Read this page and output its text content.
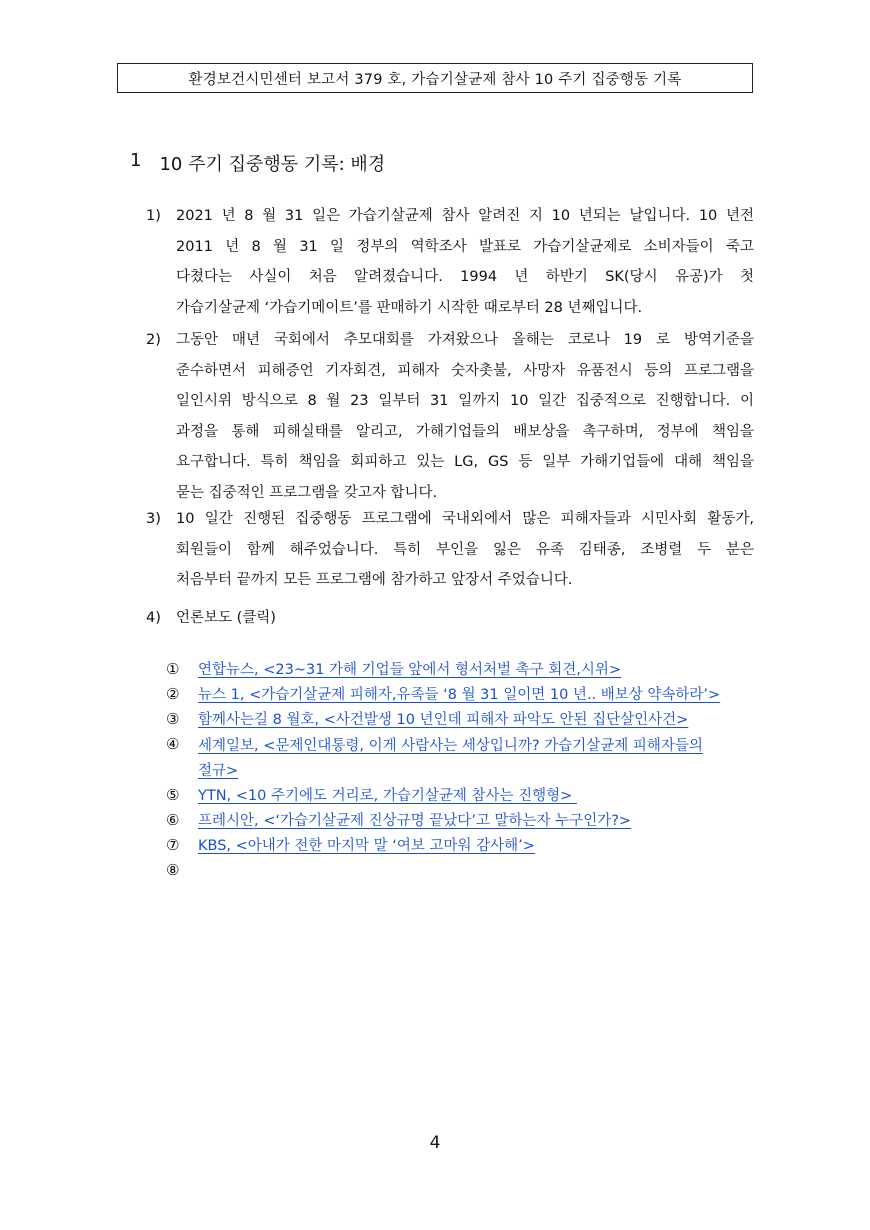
환경보건시민센터 보고서 379 호, 가습기살균제 참사 10 주기 집중행동 기록
1 10 주기 집중행동 기록: 배경
1)	2021 년 8 월 31 일은 가습기살균제 참사 알려진 지 10 년되는 날입니다. 10 년전
2011 년 8 월 31 일 정부의 역학조사 발표로 가습기살균제로 소비자들이 죽고
다쳤다는 사실이 처음 알려졌습니다. 1994 년 하반기 SK(당시 유공)가 첫
가습기살균제 ‘가습기메이트’를 판매하기 시작한 때로부터 28 년째입니다.
2)	그동안 매년 국회에서 추모대회를 가져왔으나 올해는 코로나 19 로 방역기준을
준수하면서 피해증언 기자회견, 피해자 숫자촛불, 사망자 유품전시 등의 프로그램을
일인시위 방식으로 8 월 23 일부터 31 일까지 10 일간 집중적으로 진행합니다. 이
과정을 통해 피해실태를 알리고, 가해기업들의 배보상을 촉구하며, 정부에 책임을
요구합니다. 특히 책임을 회피하고 있는 LG, GS 등 일부 가해기업들에 대해 책임을
묻는 집중적인 프로그램을 갖고자 합니다.
3)	10 일간 진행된 집중행동 프로그램에 국내외에서 많은 피해자들과 시민사회 활동가,
회원들이 함께 해주었습니다. 특히 부인을 잃은 유족 김태종, 조병렬 두 분은
처음부터 끝까지 모든 프로그램에 참가하고 앞장서 주었습니다.
4)	언론보도 (클릭)
①	연합뉴스, <23~31 가해 기업들 앞에서 형서처벌 촉구 회견,시위>
②	뉴스 1, <가습기살균제 피해자,유족들 ‘8 월 31 일이면 10 년.. 배보상 약속하라’>
③	함께사는길 8 월호, <사건발생 10 년인데 피해자 파악도 안된 집단살인사건>
④	세계일보, <문제인대통령, 이게 사람사는 세상입니까? 가습기살균제 피해자들의
절규>
⑤	YTN, <10 주기에도 거리로, 가습기살균제 참사는 진행형>
⑥	프레시안, <‘가습기살균제 진상규명 끝났다’고 말하는자 누구인가?>
⑦	KBS, <아내가 전한 마지막 말 ‘여보 고마워 감사해’>
⑧
4
